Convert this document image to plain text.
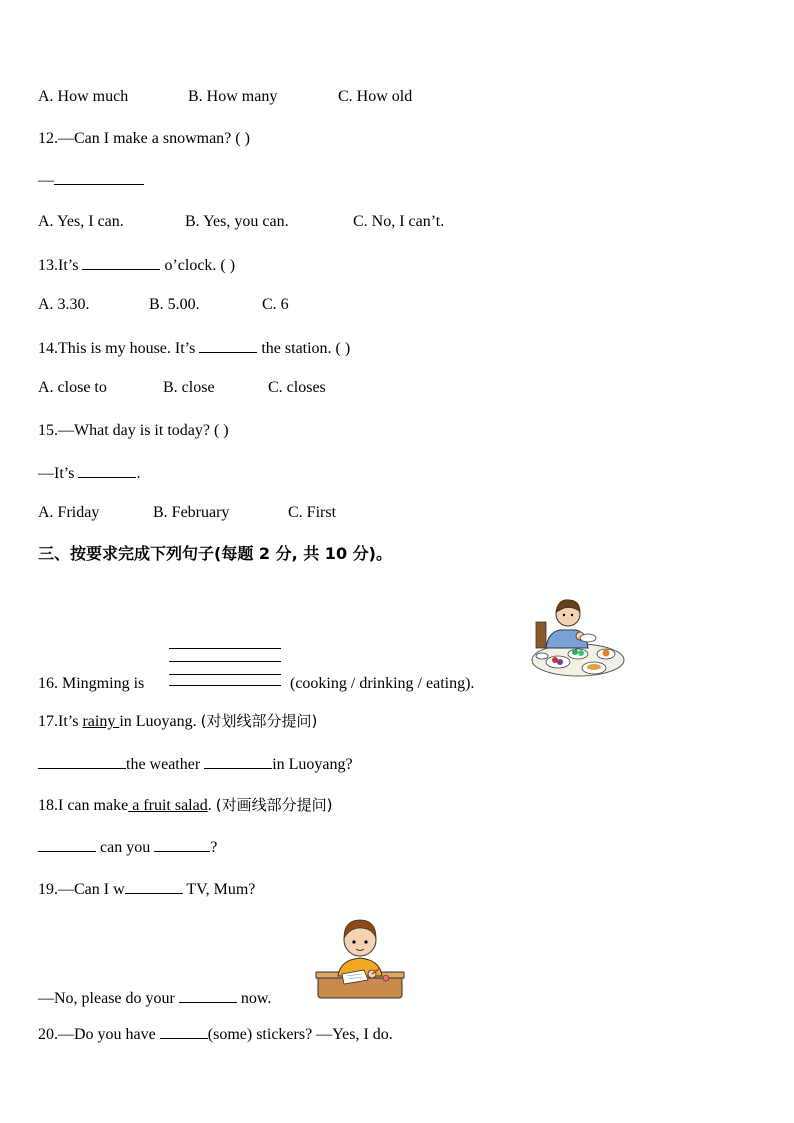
A. How much	B. How many	C. How old
12.—Can I make a snowman? ( )
—
A. Yes, I can.	B. Yes, you can.	C. No, I can’t.
13.It’s	o’clock. ( )
A. 3.30.	B. 5.00.	C. 6
14.This is my house. It’s	the station. ( )
A. close to	B. close	C. closes
15.—What day is it today? ( )
—It’s	.
A. Friday	B. February	C. First
三、按要求完成下列句子(每题 2 分, 共 10 分)。
16. Mingming is	(cooking / drinking / eating).
17.It’s rainy in Luoyang. (对划线部分提问)
the weather	in Luoyang?
18.I can make a fruit salad. (对画线部分提问)
can you	?
19.—Can I w	TV, Mum?
—No, please do your	now.
20.—Do you have	(some) stickers? —Yes, I do.
